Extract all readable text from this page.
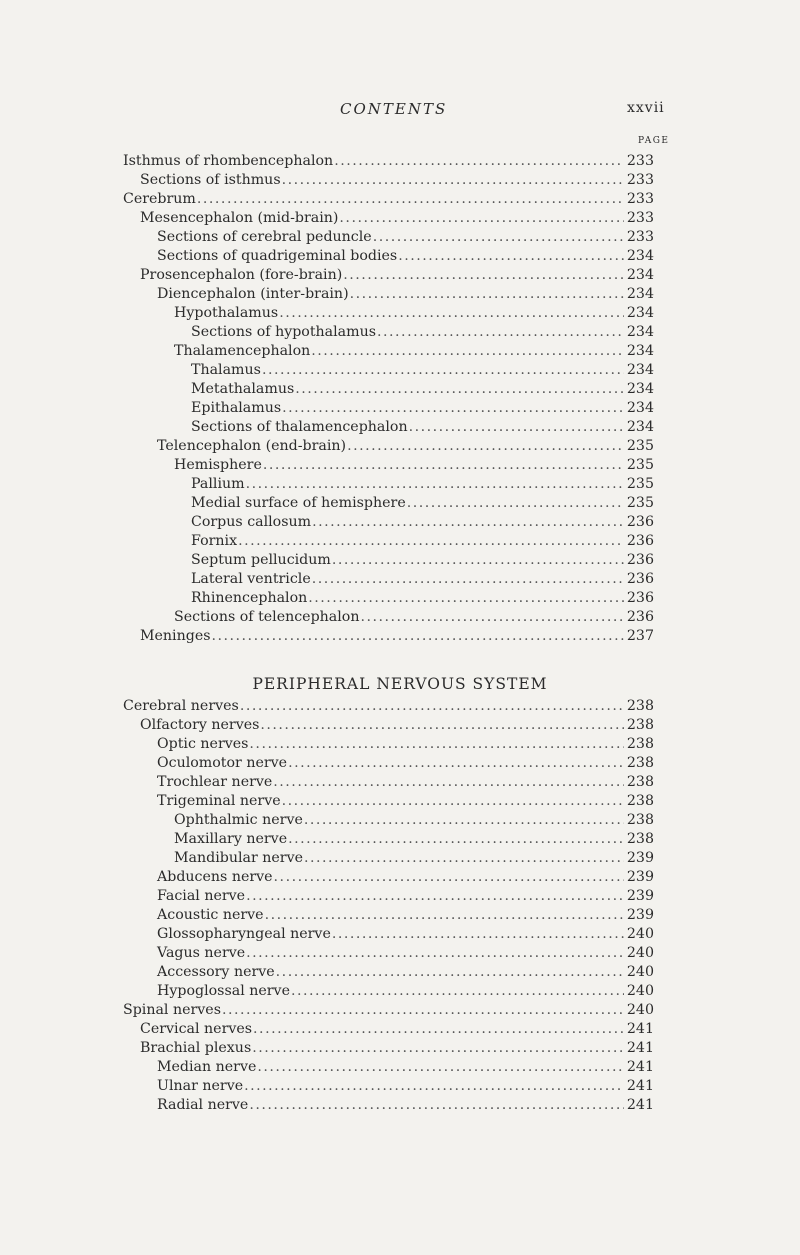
CONTENTS	xxvii
PAGE
Isthmus of rhombencephalon .....	233
Sections of isthmus .....	233
Cerebrum .....	233
Mesencephalon (mid-brain) .....	233
Sections of cerebral peduncle .....	233
Sections of quadrigeminal bodies .....	234
Prosencephalon (fore-brain) .....	234
Diencephalon (inter-brain) .....	234
Hypothalamus .....	234
Sections of hypothalamus .....	234
Thalamencephalon .....	234
Thalamus .....	234
Metathalamus .....	234
Epithalamus .....	234
Sections of thalamencephalon .....	234
Telencephalon (end-brain) .....	235
Hemisphere .....	235
Pallium .....	235
Medial surface of hemisphere .....	235
Corpus callosum .....	236
Fornix .....	236
Septum pellucidum .....	236
Lateral ventricle .....	236
Rhinencephalon .....	236
Sections of telencephalon .....	236
Meninges .....	237
PERIPHERAL NERVOUS SYSTEM
Cerebral nerves .....	238
Olfactory nerves .....	238
Optic nerves .....	238
Oculomotor nerve .....	238
Trochlear nerve .....	238
Trigeminal nerve .....	238
Ophthalmic nerve .....	238
Maxillary nerve .....	238
Mandibular nerve .....	239
Abducens nerve .....	239
Facial nerve .....	239
Acoustic nerve .....	239
Glossopharyngeal nerve .....	240
Vagus nerve .....	240
Accessory nerve .....	240
Hypoglossal nerve .....	240
Spinal nerves .....	240
Cervical nerves .....	241
Brachial plexus .....	241
Median nerve .....	241
Ulnar nerve .....	241
Radial nerve .....	241
